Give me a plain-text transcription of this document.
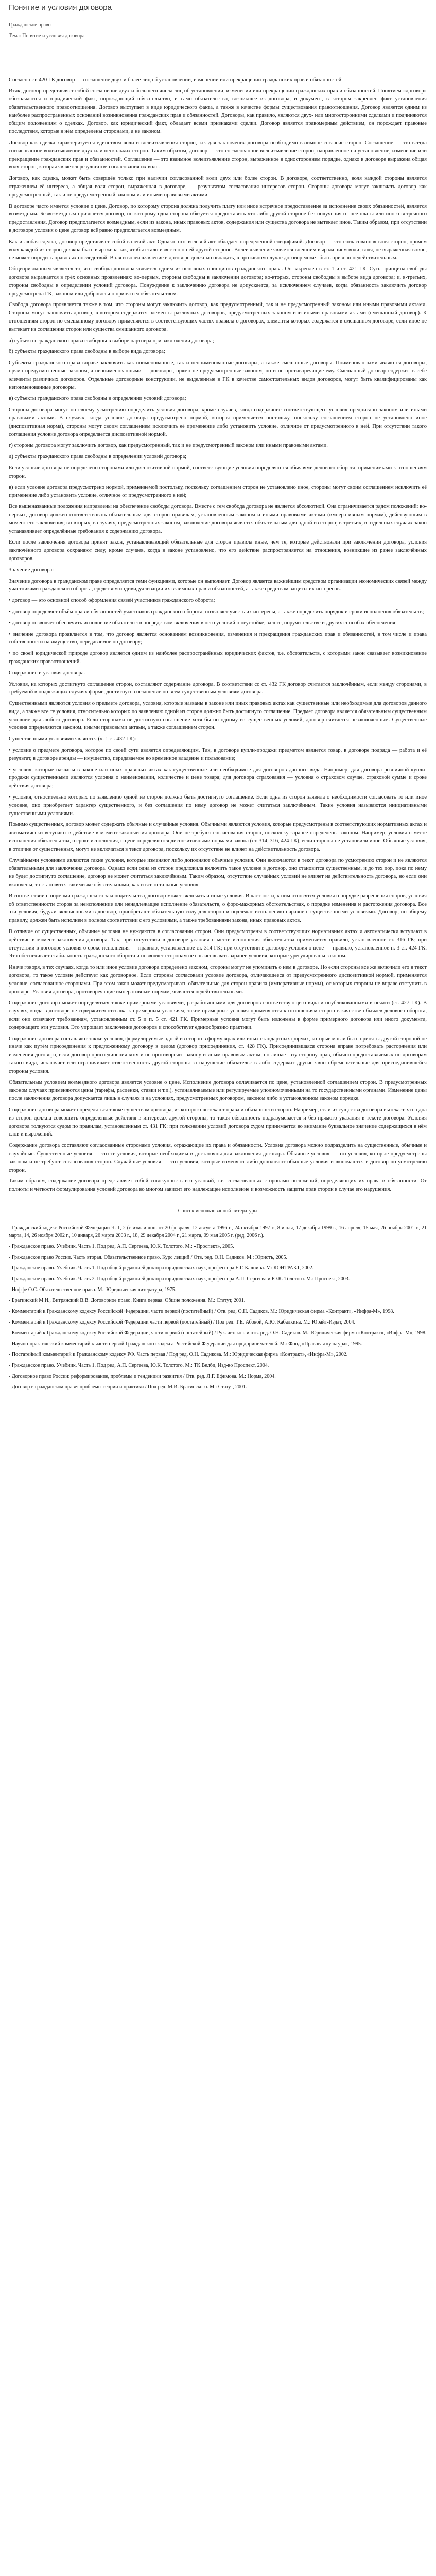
Понятие и условия договора
Гражданское право
Тема: Понятие и условия договора

Согласно ст. 420 ГК договор — соглашение двух и более лиц об установлении, изменении или прекращении гражданских прав и обязанностей.

Итак, договор представляет собой соглашение двух и большего числа лиц об установлении, изменении или прекращении гражданских прав и обязанностей. Понятием «договор» обозначаются и юридический факт, порождающий обязательство, и само обязательство, возникшее из договора, и документ, в котором закреплен факт установления обязательственного правоотношения. Договор выступает в виде юридического факта, а также в качестве формы существования правоотношения. Договор является одним из наиболее распространенных оснований возникновения гражданских прав и обязанностей. Договоры, как правило, являются двух- или многосторонними сделками и подчиняются общим положениям о сделках. Договор, как юридический факт, обладает всеми признаками сделки. Договор является правомерным действием, он порождает правовые последствия, которые в нём определены сторонами, а не законом.

Договор как сделка характеризуется единством воли и волеизъявления сторон, т.е. для заключения договора необходимо взаимное согласие сторон. Соглашение — это всегда согласованное волеизъявление двух или нескольких сторон. Таким образом, договор — это согласованное волеизъявление сторон, направленное на установление, изменение или прекращение гражданских прав и обязанностей. Соглашение — это взаимное волеизъявление сторон, выраженное в одностороннем порядке, однако в договоре выражена общая воля сторон, которая является результатом согласования их воль.

Договор, как сделка, может быть совершён только при наличии согласованной воли двух или более сторон. В договоре, соответственно, воля каждой стороны является отражением её интереса, а общая воля сторон, выраженная в договоре, — результатом согласования интересов сторон. Стороны договора могут заключать договор как предусмотренный, так и не предусмотренный законом или иными правовыми актами.

В договоре часто имеется условие о цене. Договор, по которому сторона должна получить плату или иное встречное предоставление за исполнение своих обязанностей, является возмездным. Безвозмездным признаётся договор, по которому одна сторона обязуется предоставить что-либо другой стороне без получения от неё платы или иного встречного предоставления. Договор предполагается возмездным, если из закона, иных правовых актов, содержания или существа договора не вытекает иное. Таким образом, при отсутствии в договоре условия о цене договор всё равно предполагается возмездным.

Как и любая сделка, договор представляет собой волевой акт. Однако этот волевой акт обладает определённой спецификой. Договор — это согласованная воля сторон, причём воля каждой из сторон должна быть выражена так, чтобы стало известно о ней другой стороне. Волеизъявление является внешним выражением воли; воля, не выраженная вовне, не может породить правовых последствий. Воля и волеизъявление в договоре должны совпадать, в противном случае договор может быть признан недействительным.

Общепризнанным является то, что свобода договора является одним из основных принципов гражданского права. Он закреплён в ст. 1 и ст. 421 ГК. Суть принципа свободы договора выражается в трёх основных проявлениях: во-первых, стороны свободны в заключении договора; во-вторых, стороны свободны в выборе вида договора; и, в-третьих, стороны свободны в определении условий договора. Понуждение к заключению договора не допускается, за исключением случаев, когда обязанность заключить договор предусмотрена ГК, законом или добровольно принятым обязательством.

Свобода договора проявляется также в том, что стороны могут заключить договор, как предусмотренный, так и не предусмотренный законом или иными правовыми актами. Стороны могут заключить договор, в котором содержатся элементы различных договоров, предусмотренных законом или иными правовыми актами (смешанный договор). К отношениям сторон по смешанному договору применяются в соответствующих частях правила о договорах, элементы которых содержатся в смешанном договоре, если иное не вытекает из соглашения сторон или существа смешанного договора.

а) субъекты гражданского права свободны в выборе партнера при заключении договора;

б) субъекты гражданского права свободны в выборе вида договора;

Субъекты гражданского права вправе заключить как поименованные, так и непоименованные договоры, а также смешанные договоры. Поименованными являются договоры, прямо предусмотренные законом, а непоименованными — договоры, прямо не предусмотренные законом, но и не противоречащие ему. Смешанный договор содержит в себе элементы различных договоров. Отдельные договорные конструкции, не выделенные в ГК в качестве самостоятельных видов договоров, могут быть квалифицированы как непоименованные договоры.

в) субъекты гражданского права свободны в определении условий договора;

Стороны договора могут по своему усмотрению определить условия договора, кроме случаев, когда содержание соответствующего условия предписано законом или иными правовыми актами. В случаях, когда условие договора предусмотрено нормой, которая применяется постольку, поскольку соглашением сторон не установлено иное (диспозитивная норма), стороны могут своим соглашением исключить её применение либо установить условие, отличное от предусмотренного в ней. При отсутствии такого соглашения условие договора определяется диспозитивной нормой.

г) стороны договора могут заключить договор, как предусмотренный, так и не предусмотренный законом или иными правовыми актами.

д) субъекты гражданского права свободны в определении условий договора;

Если условие договора не определено сторонами или диспозитивной нормой, соответствующие условия определяются обычаями делового оборота, применимыми к отношениям сторон.

в) если условие договора предусмотрено нормой, применяемой постольку, поскольку соглашением сторон не установлено иное, стороны могут своим соглашением исключить её применение либо установить условие, отличное от предусмотренного в ней;

Все вышеназванные положения направлены на обеспечение свободы договора. Вместе с тем свобода договора не является абсолютной. Она ограничивается рядом положений: во-первых, договор должен соответствовать обязательным для сторон правилам, установленным законом и иными правовыми актами (императивным нормам), действующим в момент его заключения; во-вторых, в случаях, предусмотренных законом, заключение договора является обязательным для одной из сторон; в-третьих, в отдельных случаях закон устанавливает определённые требования к содержанию договора.

Если после заключения договора принят закон, устанавливающий обязательные для сторон правила иные, чем те, которые действовали при заключении договора, условия заключённого договора сохраняют силу, кроме случаев, когда в законе установлено, что его действие распространяется на отношения, возникшие из ранее заключённых договоров.

Значение договора:

Значение договора в гражданском праве определяется теми функциями, которые он выполняет. Договор является важнейшим средством организации экономических связей между участниками гражданского оборота, средством индивидуализации их взаимных прав и обязанностей, а также средством защиты их интересов.

• договор — это основной способ оформления связей участников гражданского оборота;

• договор определяет объём прав и обязанностей участников гражданского оборота, позволяет учесть их интересы, а также определить порядок и сроки исполнения обязательств;

• договор позволяет обеспечить исполнение обязательств посредством включения в него условий о неустойке, залоге, поручительстве и других способах обеспечения;

• значение договора проявляется в том, что договор является основанием возникновения, изменения и прекращения гражданских прав и обязанностей, в том числе и права собственности на имущество, передаваемое по договору;

• по своей юридической природе договор является одним из наиболее распространённых юридических фактов, т.е. обстоятельств, с которыми закон связывает возникновение гражданских правоотношений.

Содержание и условия договора.

Условия, на которых достигнуто соглашение сторон, составляют содержание договора. В соответствии со ст. 432 ГК договор считается заключённым, если между сторонами, в требуемой в подлежащих случаях форме, достигнуто соглашение по всем существенным условиям договора.

Существенными являются условия о предмете договора, условия, которые названы в законе или иных правовых актах как существенные или необходимые для договоров данного вида, а также все те условия, относительно которых по заявлению одной из сторон должно быть достигнуто соглашение. Предмет договора является обязательным существенным условием для любого договора. Если сторонами не достигнуто соглашение хотя бы по одному из существенных условий, договор считается незаключённым. Существенные условия определяются законом, иными правовыми актами, а также соглашением сторон.

Существенными условиями являются (ч. 1 ст. 432 ГК):

• условие о предмете договора, которое по своей сути является определяющим. Так, в договоре купли-продажи предметом является товар, в договоре подряда — работа и её результат, в договоре аренды — имущество, передаваемое во временное владение и пользование;

• условия, которые названы в законе или иных правовых актах как существенные или необходимые для договоров данного вида. Например, для договора розничной купли-продажи существенными являются условия о наименовании, количестве и цене товара; для договора страхования — условия о страховом случае, страховой сумме и сроке действия договора;

• условия, относительно которых по заявлению одной из сторон должно быть достигнуто соглашение. Если одна из сторон заявила о необходимости согласовать то или иное условие, оно приобретает характер существенного, и без соглашения по нему договор не может считаться заключённым. Такие условия называются инициативными существенными условиями.

Помимо существенных, договор может содержать обычные и случайные условия. Обычными являются условия, которые предусмотрены в соответствующих нормативных актах и автоматически вступают в действие в момент заключения договора. Они не требуют согласования сторон, поскольку заранее определены законом. Например, условия о месте исполнения обязательства, о сроке исполнения, о цене определяются диспозитивными нормами закона (ст. 314, 316, 424 ГК), если стороны не установили иное. Обычные условия, в отличие от существенных, могут не включаться в текст договора, поскольку их отсутствие не влияет на действительность договора.

Случайными условиями являются такие условия, которые изменяют либо дополняют обычные условия. Они включаются в текст договора по усмотрению сторон и не являются обязательными для заключения договора. Однако если одна из сторон предложила включить такое условие в договор, оно становится существенным, и до тех пор, пока по нему не будет достигнуто соглашение, договор не может считаться заключённым. Таким образом, отсутствие случайных условий не влияет на действительность договора, но если они включены, то становятся такими же обязательными, как и все остальные условия.

В соответствии с нормами гражданского законодательства, договор может включать и иные условия. В частности, к ним относятся условия о порядке разрешения споров, условия об ответственности сторон за неисполнение или ненадлежащее исполнение обязательств, о форс-мажорных обстоятельствах, о порядке изменения и расторжения договора. Все эти условия, будучи включёнными в договор, приобретают обязательную силу для сторон и подлежат исполнению наравне с существенными условиями. Договор, по общему правилу, должен быть исполнен в полном соответствии с его условиями, а также требованиями закона, иных правовых актов.

В отличие от существенных, обычные условия не нуждаются в согласовании сторон. Они предусмотрены в соответствующих нормативных актах и автоматически вступают в действие в момент заключения договора. Так, при отсутствии в договоре условия о месте исполнения обязательства применяется правило, установленное ст. 316 ГК; при отсутствии в договоре условия о сроке исполнения — правило, установленное ст. 314 ГК; при отсутствии в договоре условия о цене — правило, установленное п. 3 ст. 424 ГК. Это обеспечивает стабильность гражданского оборота и позволяет сторонам не согласовывать заранее условия, которые урегулированы законом.

Иначе говоря, в тех случаях, когда то или иное условие договора определено законом, стороны могут не упоминать о нём в договоре. Но если стороны всё же включили его в текст договора, то такое условие действует как договорное. Если стороны согласовали условие договора, отличающееся от предусмотренного диспозитивной нормой, применяется условие, согласованное сторонами. При этом закон может предусматривать обязательные для сторон правила (императивные нормы), от которых стороны не вправе отступить в договоре. Условия договора, противоречащие императивным нормам, являются недействительными.

Содержание договора может определяться также примерными условиями, разработанными для договоров соответствующего вида и опубликованными в печати (ст. 427 ГК). В случаях, когда в договоре не содержится отсылка к примерным условиям, такие примерные условия применяются к отношениям сторон в качестве обычаев делового оборота, если они отвечают требованиям, установленным ст. 5 и п. 5 ст. 421 ГК. Примерные условия могут быть изложены в форме примерного договора или иного документа, содержащего эти условия. Это упрощает заключение договоров и способствует единообразию практики.

Содержание договора составляют также условия, формулируемые одной из сторон в формулярах или иных стандартных формах, которые могли быть приняты другой стороной не иначе как путём присоединения к предложенному договору в целом (договор присоединения, ст. 428 ГК). Присоединившаяся сторона вправе потребовать расторжения или изменения договора, если договор присоединения хотя и не противоречит закону и иным правовым актам, но лишает эту сторону прав, обычно предоставляемых по договорам такого вида, исключает или ограничивает ответственность другой стороны за нарушение обязательств либо содержит другие явно обременительные для присоединившейся стороны условия.

Обязательным условием возмездного договора является условие о цене. Исполнение договора оплачивается по цене, установленной соглашением сторон. В предусмотренных законом случаях применяются цены (тарифы, расценки, ставки и т.п.), устанавливаемые или регулируемые уполномоченными на то государственными органами. Изменение цены после заключения договора допускается лишь в случаях и на условиях, предусмотренных договором, законом либо в установленном законом порядке.

Содержание договора может определяться также существом договора, из которого вытекают права и обязанности сторон. Например, если из существа договора вытекает, что одна из сторон должна совершить определённые действия в интересах другой стороны, то такая обязанность подразумевается и без прямого указания в тексте договора. Условия договора толкуются судом по правилам, установленным ст. 431 ГК: при толковании условий договора судом принимается во внимание буквальное значение содержащихся в нём слов и выражений.

Содержание договора составляют согласованные сторонами условия, отражающие их права и обязанности. Условия договора можно подразделить на существенные, обычные и случайные. Существенные условия — это те условия, которые необходимы и достаточны для заключения договора. Обычные условия — это условия, которые предусмотрены законом и не требуют согласования сторон. Случайные условия — это условия, которые изменяют либо дополняют обычные условия и включаются в договор по усмотрению сторон.

Таким образом, содержание договора представляет собой совокупность его условий, т.е. согласованных сторонами положений, определяющих их права и обязанности. От полноты и чёткости формулирования условий договора во многом зависит его надлежащее исполнение и возможность защиты прав сторон в случае его нарушения.

Список использованной литературы

- Гражданский кодекс Российской Федерации Ч. 1, 2 (с изм. и доп. от 20 февраля, 12 августа 1996 г., 24 октября 1997 г., 8 июля, 17 декабря 1999 г., 16 апреля, 15 мая, 26 ноября 2001 г., 21 марта, 14, 26 ноября 2002 г., 10 января, 26 марта 2003 г., 18, 29 декабря 2004 г., 21 марта, 09 мая 2005 г. (ред. 2006 г.).

- Гражданское право. Учебник. Часть 1. Под ред. А.П. Сергеева, Ю.К. Толстого. М.: «Проспект», 2005.

- Гражданское право России. Часть вторая. Обязательственное право. Курс лекций / Отв. ред. О.Н. Садиков. М.: Юристъ, 2005.

- Гражданское право. Учебник. Часть 1. Под общей редакцией доктора юридических наук, профессора Е.Г. Калпина. М: КОНТРАКТ, 2002.

- Гражданское право. Учебник. Часть 2. Под общей редакцией доктора юридических наук, профессора А.П. Сергеева и Ю.К. Толстого. М.: Проспект, 2003.

- Иоффе О.С. Обязательственное право. М.: Юридическая литература, 1975.

- Брагинский М.И., Витрянский В.В. Договорное право. Книга первая. Общие положения. М.: Статут, 2001.

- Комментарий к Гражданскому кодексу Российской Федерации, части первой (постатейный) / Отв. ред. О.Н. Садиков. М.: Юридическая фирма «Контракт», «Инфра-М», 1998.

- Комментарий к Гражданскому кодексу Российской Федерации части первой (постатейный) / Под ред. Т.Е. Абовой, А.Ю. Кабалкина. М.: Юрайт-Издат, 2004.

- Комментарий к Гражданскому кодексу Российской Федерации, части первой (постатейный) / Рук. авт. кол. и отв. ред. О.Н. Садиков. М.: Юридическая фирма «Контракт», «Инфра-М», 1998.

- Научно-практический комментарий к части первой Гражданского кодекса Российской Федерации для предпринимателей. М.: Фонд «Правовая культура», 1995.

- Постатейный комментарий к Гражданскому кодексу РФ. Часть первая / Под ред. О.Н. Садикова. М.: Юридическая фирма «Контракт», «Инфра-М», 2002.

- Гражданское право. Учебник. Часть 1. Под ред. А.П. Сергеева, Ю.К. Толстого. М.: ТК Велби, Изд-во Проспект, 2004.

- Договорное право России: реформирование, проблемы и тенденции развития / Отв. ред. Л.Г. Ефимова. М.: Норма, 2004.

- Договор в гражданском праве: проблемы теории и практики / Под ред. М.И. Брагинского. М.: Статут, 2001.
